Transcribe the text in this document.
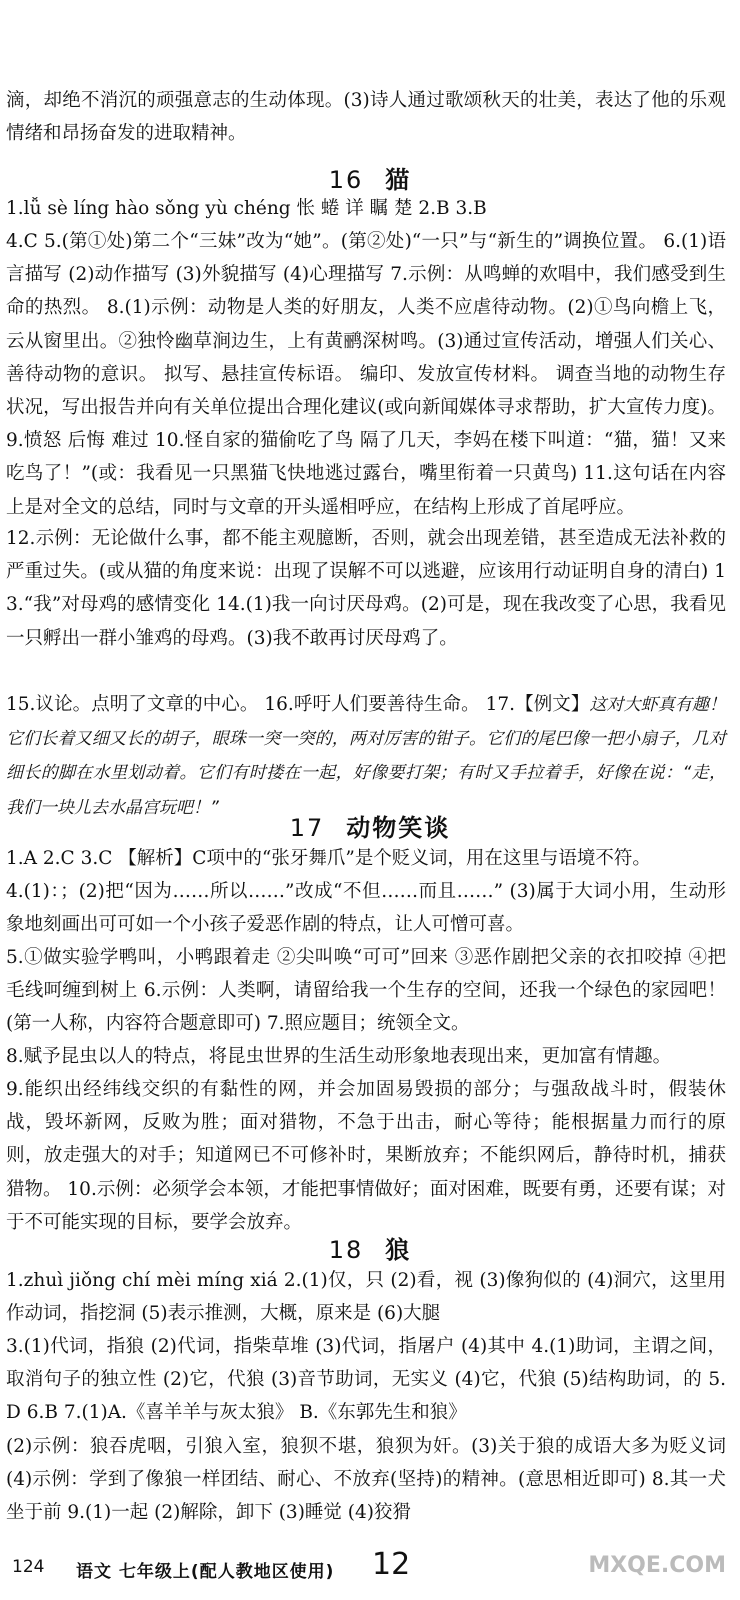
滴，却绝不消沉的顽强意志的生动体现。(3)诗人通过歌颂秋天的壮美，表达了他的乐观情绪和昂扬奋发的进取精神。
16 猫
1.lǚ sè líng hào sǒng yù chéng 怅 蜷 详 瞩 楚 2.B 3.B
4.C 5.(第①处)第二个“三妹”改为“她”。(第②处)“一只”与“新生的”调换位置。 6.(1)语言描写 (2)动作描写 (3)外貌描写 (4)心理描写 7.示例：从鸣蝉的欢唱中，我们感受到生命的热烈。 8.(1)示例：动物是人类的好朋友，人类不应虐待动物。(2)①鸟向檐上飞，云从窗里出。②独怜幽草涧边生，上有黄鹂深树鸣。(3)通过宣传活动，增强人们关心、善待动物的意识。 拟写、悬挂宣传标语。 编印、发放宣传材料。 调查当地的动物生存状况，写出报告并向有关单位提出合理化建议(或向新闻媒体寻求帮助，扩大宣传力度)。 9.愤怒 后悔 难过 10.怪自家的猫偷吃了鸟 隔了几天，李妈在楼下叫道：“猫，猫！又来吃鸟了！”(或：我看见一只黑猫飞快地逃过露台，嘴里衔着一只黄鸟) 11.这句话在内容上是对全文的总结，同时与文章的开头遥相呼应，在结构上形成了首尾呼应。
12.示例：无论做什么事，都不能主观臆断，否则，就会出现差错，甚至造成无法补救的严重过失。(或从猫的角度来说：出现了误解不可以逃避，应该用行动证明自身的清白) 13.“我”对母鸡的感情变化 14.(1)我一向讨厌母鸡。(2)可是，现在我改变了心思，我看见一只孵出一群小雏鸡的母鸡。(3)我不敢再讨厌母鸡了。
15.议论。点明了文章的中心。 16.呼吁人们要善待生命。 17.【例文】这对大虾真有趣！它们长着又细又长的胡子，眼珠一突一突的，两对厉害的钳子。它们的尾巴像一把小扇子，几对细长的脚在水里划动着。它们有时搂在一起，好像要打架；有时又手拉着手，好像在说：“走，我们一块儿去水晶宫玩吧！”
17 动物笑谈
1.A 2.C 3.C 【解析】C项中的“张牙舞爪”是个贬义词，用在这里与语境不符。
4.(1)：；(2)把“因为……所以……”改成“不但……而且……” (3)属于大词小用，生动形象地刻画出可可如一个小孩子爱恶作剧的特点，让人可憎可喜。
5.①做实验学鸭叫，小鸭跟着走 ②尖叫唤“可可”回来 ③恶作剧把父亲的衣扣咬掉 ④把毛线呵缠到树上 6.示例：人类啊，请留给我一个生存的空间，还我一个绿色的家园吧！(第一人称，内容符合题意即可) 7.照应题目；统领全文。
8.赋予昆虫以人的特点，将昆虫世界的生活生动形象地表现出来，更加富有情趣。
9.能织出经纬线交织的有黏性的网，并会加固易毁损的部分；与强敌战斗时，假装休战，毁坏新网，反败为胜；面对猎物，不急于出击，耐心等待；能根据量力而行的原则，放走强大的对手；知道网已不可修补时，果断放弃；不能织网后，静待时机，捕获猎物。 10.示例：必须学会本领，才能把事情做好；面对困难，既要有勇，还要有谋；对于不可能实现的目标，要学会放弃。
18 狼
1.zhuì jiǒng chí mèi míng xiá 2.(1)仅，只 (2)看，视 (3)像狗似的 (4)洞穴，这里用作动词，指挖洞 (5)表示推测，大概，原来是 (6)大腿
3.(1)代词，指狼 (2)代词，指柴草堆 (3)代词，指屠户 (4)其中 4.(1)助词，主谓之间，取消句子的独立性 (2)它，代狼 (3)音节助词，无实义 (4)它，代狼 (5)结构助词，的 5.D 6.B 7.(1)A.《喜羊羊与灰太狼》 B.《东郭先生和狼》
(2)示例：狼吞虎咽，引狼入室，狼狈不堪，狼狈为奸。(3)关于狼的成语大多为贬义词 (4)示例：学到了像狼一样团结、耐心、不放弃(坚持)的精神。(意思相近即可) 8.其一犬坐于前 9.(1)一起 (2)解除，卸下 (3)睡觉 (4)狡猾
124 语文 七年级上(配人教地区使用) 12	MXQE.COM
